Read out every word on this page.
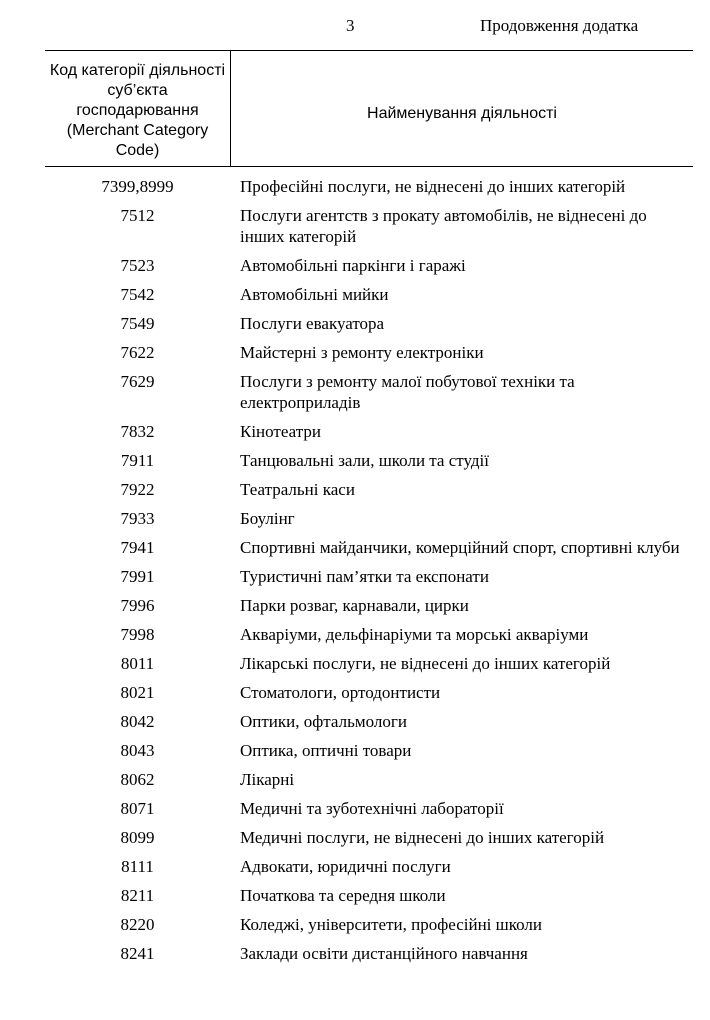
3	Продовження додатка
Код категорії діяльності суб’єкта господарювання (Merchant Category Code)
Найменування діяльності
7399,8999	Професійні послуги, не віднесені до інших категорій
7512	Послуги агентств з прокату автомобілів, не віднесені до інших категорій
7523	Автомобільні паркінги і гаражі
7542	Автомобільні мийки
7549	Послуги евакуатора
7622	Майстерні з ремонту електроніки
7629	Послуги з ремонту малої побутової техніки та електроприладів
7832	Кінотеатри
7911	Танцювальні зали, школи та студії
7922	Театральні каси
7933	Боулінг
7941	Спортивні майданчики, комерційний спорт, спортивні клуби
7991	Туристичні пам’ятки та експонати
7996	Парки розваг, карнавали, цирки
7998	Акваріуми, дельфінаріуми та морські акваріуми
8011	Лікарські послуги, не віднесені до інших категорій
8021	Стоматологи, ортодонтисти
8042	Оптики, офтальмологи
8043	Оптика, оптичні товари
8062	Лікарні
8071	Медичні та зуботехнічні лабораторії
8099	Медичні послуги, не віднесені до інших категорій
8111	Адвокати, юридичні послуги
8211	Початкова та середня школи
8220	Коледжі, університети, професійні школи
8241	Заклади освіти дистанційного навчання
